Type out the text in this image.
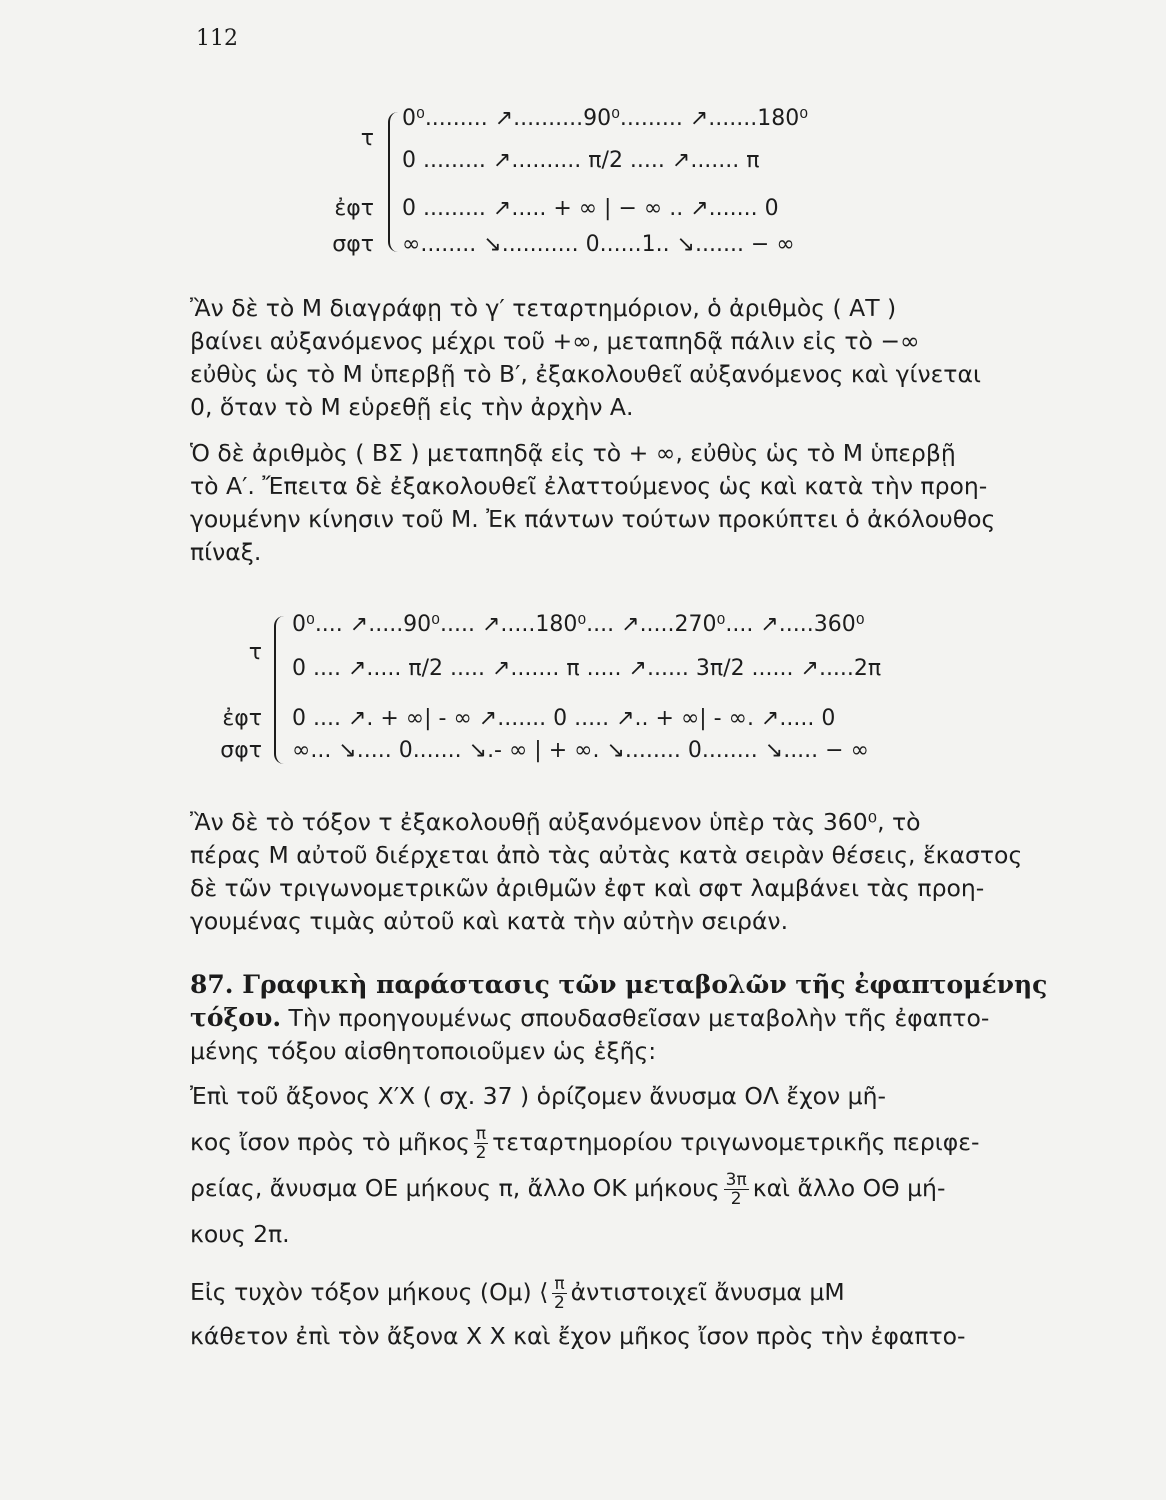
112
τ
ἐφτ
σφτ
0⁰......... ↗..........90⁰......... ↗.......180⁰
0 ......... ↗.......... π/2 ..... ↗....... π
0 ......... ↗..... + ∞ | − ∞ .. ↗....... 0
∞........ ↘........... 0......1.. ↘....... − ∞
Ἂν δὲ τὸ Μ διαγράφῃ τὸ γ′ τεταρτημόριον, ὁ ἀριθμὸς ( ΑΤ )
βαίνει αὐξανόμενος μέχρι τοῦ +∞, μεταπηδᾷ πάλιν εἰς τὸ −∞
εὐθὺς ὡς τὸ Μ ὑπερβῇ τὸ Β′, ἐξακολουθεῖ αὐξανόμενος καὶ γίνεται
0, ὅταν τὸ Μ εὑρεθῇ εἰς τὴν ἀρχὴν Α.
Ὁ δὲ ἀριθμὸς ( ΒΣ ) μεταπηδᾷ εἰς τὸ + ∞, εὐθὺς ὡς τὸ Μ ὑπερβῇ
τὸ Α′. Ἔπειτα δὲ ἐξακολουθεῖ ἐλαττούμενος ὡς καὶ κατὰ τὴν προη-
γουμένην κίνησιν τοῦ Μ. Ἐκ πάντων τούτων προκύπτει ὁ ἀκόλουθος
πίναξ.
τ
ἐφτ
σφτ
0⁰.... ↗.....90⁰..... ↗.....180⁰.... ↗.....270⁰.... ↗.....360⁰
0 .... ↗..... π/2 ..... ↗....... π ..... ↗...... 3π/2 ...... ↗.....2π
0 .... ↗. + ∞| - ∞ ↗....... 0 ..... ↗.. + ∞| - ∞. ↗..... 0
∞... ↘..... 0....... ↘.- ∞ | + ∞. ↘........ 0........ ↘..... − ∞
Ἂν δὲ τὸ τόξον τ ἐξακολουθῇ αὐξανόμενον ὑπὲρ τὰς 360⁰, τὸ
πέρας Μ αὐτοῦ διέρχεται ἀπὸ τὰς αὐτὰς κατὰ σειρὰν θέσεις, ἕκαστος
δὲ τῶν τριγωνομετρικῶν ἀριθμῶν ἐφτ καὶ σφτ λαμβάνει τὰς προη-
γουμένας τιμὰς αὐτοῦ καὶ κατὰ τὴν αὐτὴν σειράν.
87. Γραφικὴ παράστασις τῶν μεταβολῶν τῆς ἐφαπτομένης
τόξου. Τὴν προηγουμένως σπουδασθεῖσαν μεταβολὴν τῆς ἐφαπτο-
μένης τόξου αἰσθητοποιοῦμεν ὡς ἑξῆς:
Ἐπὶ τοῦ ἄξονος Χ′Χ ( σχ. 37 ) ὁρίζομεν ἄνυσμα ΟΛ ἔχον μῆ-
κος ἴσον πρὸς τὸ μῆκος $\frac{\pi}{2}$ τεταρτημορίου τριγωνομετρικῆς περιφε-
ρείας, ἄνυσμα ΟΕ μήκους π, ἄλλο ΟΚ μήκους $\frac{3\pi}{2}$ καὶ ἄλλο ΟΘ μή-
κους 2π.
Εἰς τυχὸν τόξον μήκους (Ομ) ⟨ $\frac{\pi}{2}$ ἀντιστοιχεῖ ἄνυσμα μΜ
κάθετον ἐπὶ τὸν ἄξονα Χ Χ καὶ ἔχον μῆκος ἴσον πρὸς τὴν ἐφαπτο-
